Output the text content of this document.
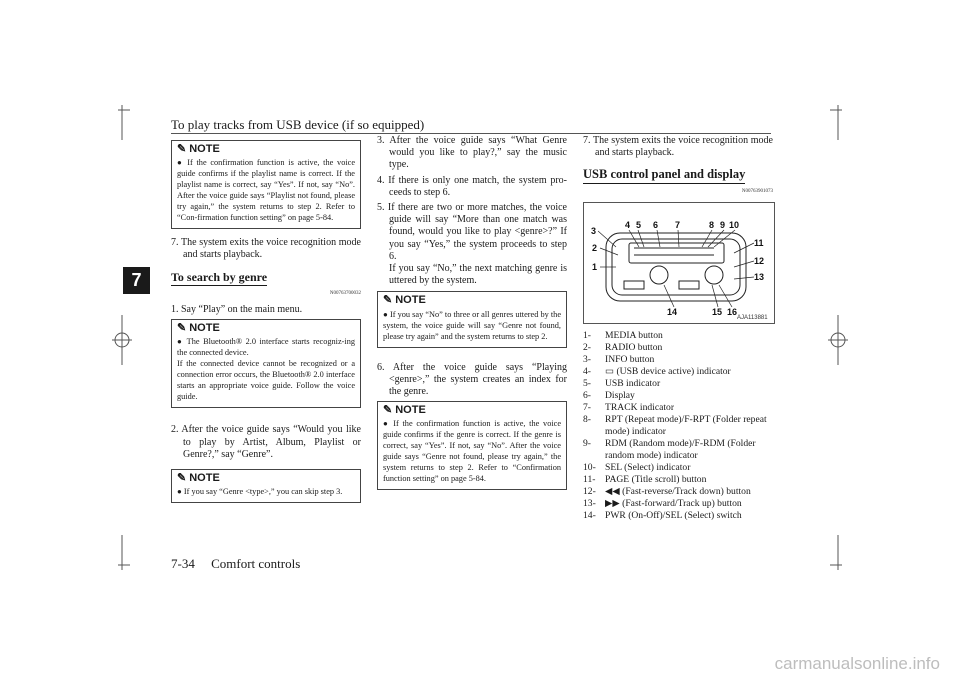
To play tracks from USB device (if so equipped)
7
✎ NOTE
● If the confirmation function is active, the voice guide confirms if the playlist name is correct. If the playlist name is correct, say “Yes”. If not, say “No”. After the voice guide says “Playlist not found, please try again,” the system returns to step 2. Refer to “Con-firmation function setting” on page 5-84.

7. The system exits the voice recognition mode and starts playback.

To search by genre
N00763700032

1. Say “Play” on the main menu.

✎ NOTE
● The Bluetooth® 2.0 interface starts recogniz-ing the connected device.
If the connected device cannot be recognized or a connection error occurs, the Bluetooth® 2.0 interface starts an appropriate voice guide. Follow the voice guide.

2. After the voice guide says “Would you like to play by Artist, Album, Playlist or Genre?,” say “Genre”.

✎ NOTE
● If you say “Genre <type>,” you can skip step 3.

3. After the voice guide says “What Genre would you like to play?,” say the music type.

4. If there is only one match, the system pro-ceeds to step 6.

5. If there are two or more matches, the voice guide will say “More than one match was found, would you like to play <genre>?” If you say “Yes,” the system proceeds to step 6.

If you say “No,” the next matching genre is uttered by the system.

✎ NOTE
● If you say “No” to three or all genres uttered by the system, the voice guide will say “Genre not found, please try again” and the system returns to step 2.

6. After the voice guide says “Playing <genre>,” the system creates an index for the genre.

✎ NOTE
● If the confirmation function is active, the voice guide confirms if the genre is correct. If the genre is correct, say “Yes”. If not, say “No”. After the voice guide says “Genre not found, please try again,” the system returns to step 2. Refer to “Confirmation function setting” on page 5-84.

7. The system exits the voice recognition mode and starts playback.

USB control panel and display
N00763901073
3
2
1
4 5 6 7	8 9 10
11
12
13
14	15 16
AJA113881
1-	MEDIA button
2-	RADIO button
3-	INFO button
4-	▭ (USB device active) indicator
5-	USB indicator
6-	Display
7-	TRACK indicator
8-	RPT (Repeat mode)/F-RPT (Folder repeat mode) indicator
9-	RDM (Random mode)/F-RDM (Folder random mode) indicator
10- SEL (Select) indicator
11- PAGE (Title scroll) button
12- ◀◀ (Fast-reverse/Track down) button
13- ▶▶ (Fast-forward/Track up) button
14- PWR (On-Off)/SEL (Select) switch
7-34 Comfort controls
carmanualsonline.info
